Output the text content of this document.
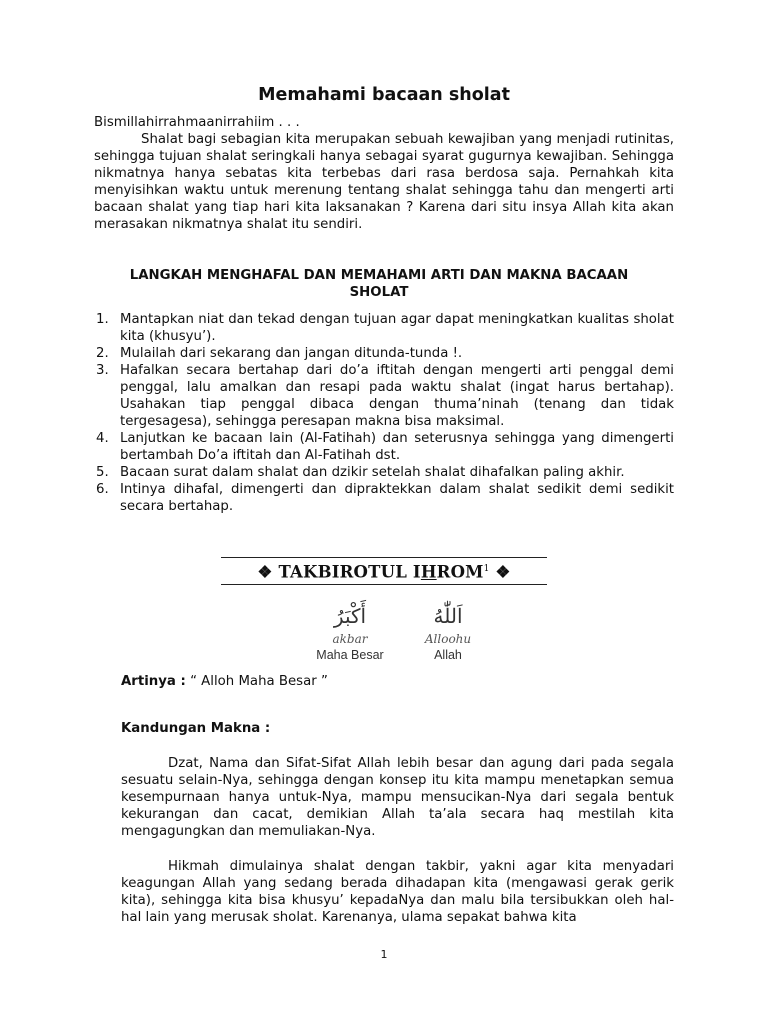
Memahami bacaan sholat

Bismillahirrahmaanirrahiim . . .

Shalat bagi sebagian kita merupakan sebuah kewajiban yang menjadi rutinitas, sehingga tujuan shalat seringkali hanya sebagai syarat gugurnya kewajiban. Sehingga nikmatnya hanya sebatas kita terbebas dari rasa berdosa saja. Pernahkah kita menyisihkan waktu untuk merenung tentang shalat sehingga tahu dan mengerti arti bacaan shalat yang tiap hari kita laksanakan ? Karena dari situ insya Allah kita akan merasakan nikmatnya shalat itu sendiri.

LANGKAH MENGHAFAL DAN MEMAHAMI ARTI DAN MAKNA BACAAN SHOLAT

1. Mantapkan niat dan tekad dengan tujuan agar dapat meningkatkan kualitas sholat kita (khusyu’).
2. Mulailah dari sekarang dan jangan ditunda-tunda !.
3. Hafalkan secara bertahap dari do’a iftitah dengan mengerti arti penggal demi penggal, lalu amalkan dan resapi pada waktu shalat (ingat harus bertahap). Usahakan tiap penggal dibaca dengan thuma’ninah (tenang dan tidak tergesagesa), sehingga peresapan makna bisa maksimal.
4. Lanjutkan ke bacaan lain (Al-Fatihah) dan seterusnya sehingga yang dimengerti bertambah Do’a iftitah dan Al-Fatihah dst.
5. Bacaan surat dalam shalat dan dzikir setelah shalat dihafalkan paling akhir.
6. Intinya dihafal, dimengerti dan dipraktekkan dalam shalat sedikit demi sedikit secara bertahap.
❖ TAKBIROTUL IHROM$^1$ ❖
أَكْبَرُ
akbar
Maha Besar
اَللّٰهُ
Alloohu
Allah

Artinya : “ Alloh Maha Besar ”

Kandungan Makna :

Dzat, Nama dan Sifat-Sifat Allah lebih besar dan agung dari pada segala sesuatu selain-Nya, sehingga dengan konsep itu kita mampu menetapkan semua kesempurnaan hanya untuk-Nya, mampu mensucikan-Nya dari segala bentuk kekurangan dan cacat, demikian Allah ta’ala secara haq mestilah kita mengagungkan dan memuliakan-Nya.

Hikmah dimulainya shalat dengan takbir, yakni agar kita menyadari keagungan Allah yang sedang berada dihadapan kita (mengawasi gerak gerik kita), sehingga kita bisa khusyu’ kepadaNya dan malu bila tersibukkan oleh hal-hal lain yang merusak sholat. Karenanya, ulama sepakat bahwa kita

1
